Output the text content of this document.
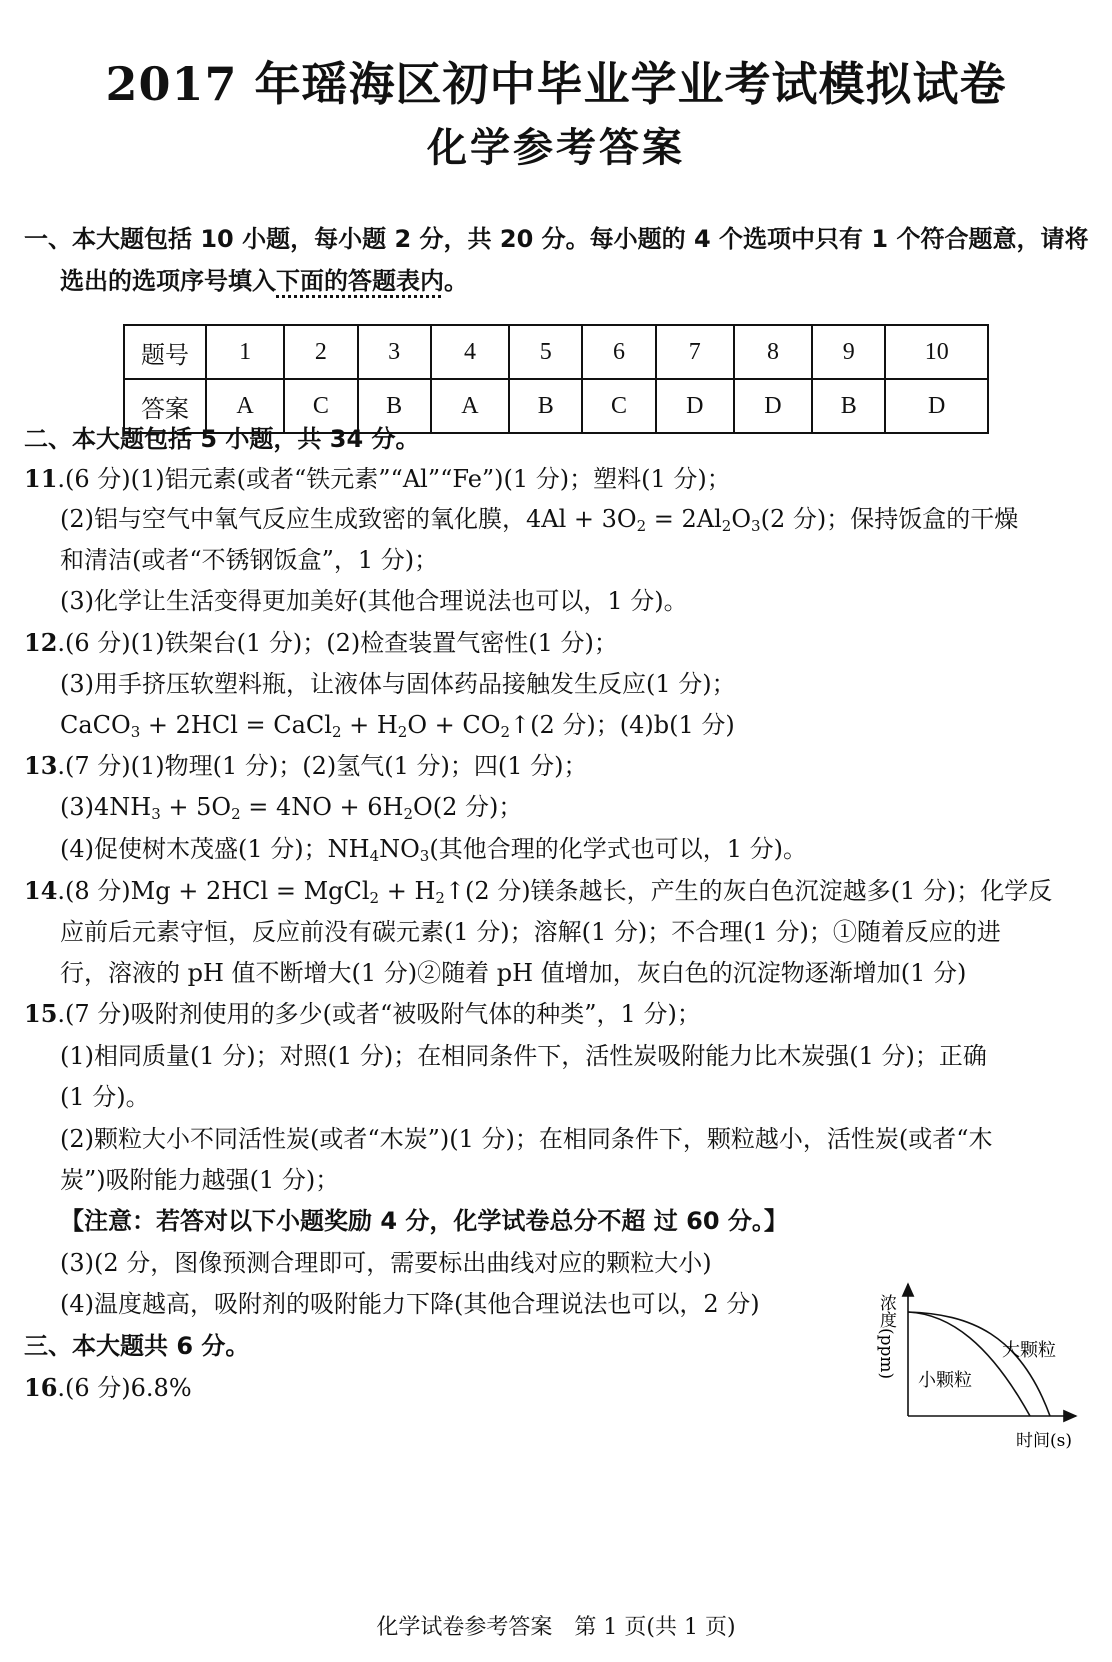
2017 年瑶海区初中毕业学业考试模拟试卷
化学参考答案
一、本大题包括 10 小题，每小题 2 分，共 20 分。每小题的 4 个选项中只有 1 个符合题意，请将
选出的选项序号填入下面的答题表内。
题号	1	2	3	4	5	6	7	8	9	10
答案	A	C	B	A	B	C	D	D	B	D
二、本大题包括 5 小题，共 34 分。
11.(6 分)(1)铝元素(或者“铁元素”“Al”“Fe”)(1 分)；塑料(1 分)；
(2)铝与空气中氧气反应生成致密的氧化膜，$4Al + 3O_2 = 2Al_2O_3(2$ 分)；保持饭盒的干燥
和清洁(或者“不锈钢饭盒”，1 分)；
(3)化学让生活变得更加美好(其他合理说法也可以，1 分)。
12.(6 分)(1)铁架台(1 分)；(2)检查装置气密性(1 分)；
(3)用手挤压软塑料瓶，让液体与固体药品接触发生反应(1 分)；
CaCO$_3$ + 2HCl = CaCl$_2$ + $H_2O$ + $CO_2↑(2$ 分)；(4)b(1 分)
13.(7 分)(1)物理(1 分)；(2)氢气(1 分)；四(1 分)；
$(3)4NH_3 + 5O_2 = 4NO + 6H_2O(2$ 分)；
(4)促使树木茂盛(1 分)；$NH_4NO_3$(其他合理的化学式也可以，1 分)。
14.(8 分)Mg + 2HCl = MgCl$_2$ + $H_2↑(2$ 分)镁条越长，产生的灰白色沉淀越多(1 分)；化学反
应前后元素守恒，反应前没有碳元素(1 分)；溶解(1 分)；不合理(1 分)；①随着反应的进
行，溶液的 pH 值不断增大(1 分)②随着 pH 值增加，灰白色的沉淀物逐渐增加(1 分)
15.(7 分)吸附剂使用的多少(或者“被吸附气体的种类”，1 分)；
(1)相同质量(1 分)；对照(1 分)；在相同条件下，活性炭吸附能力比木炭强(1 分)；正确
(1 分)。
(2)颗粒大小不同活性炭(或者“木炭”)(1 分)；在相同条件下，颗粒越小，活性炭(或者“木
炭”)吸附能力越强(1 分)；
【注意：若答对以下小题奖励 4 分，化学试卷总分不超 过 60 分。】
(3)(2 分，图像预测合理即可，需要标出曲线对应的颗粒大小)
(4)温度越高，吸附剂的吸附能力下降(其他合理说法也可以，2 分)
三、本大题共 6 分。
16.(6 分)6.8%
浓度(ppm)	大颗粒
小颗粒
时间(s)
化学试卷参考答案　第 1 页(共 1 页)
